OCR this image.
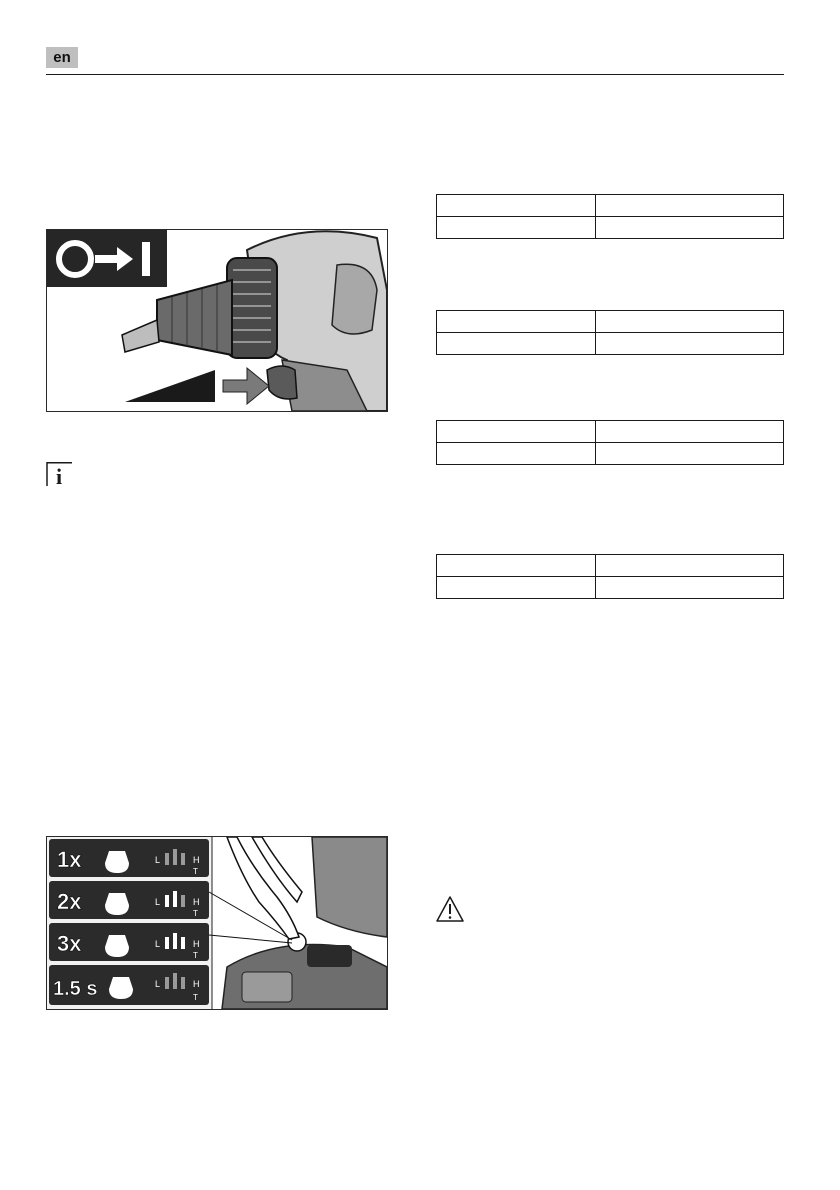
en
i
1x	L	H
T
2x	L	H
T
3x	L	H
T
1.5 s	L	H
T
